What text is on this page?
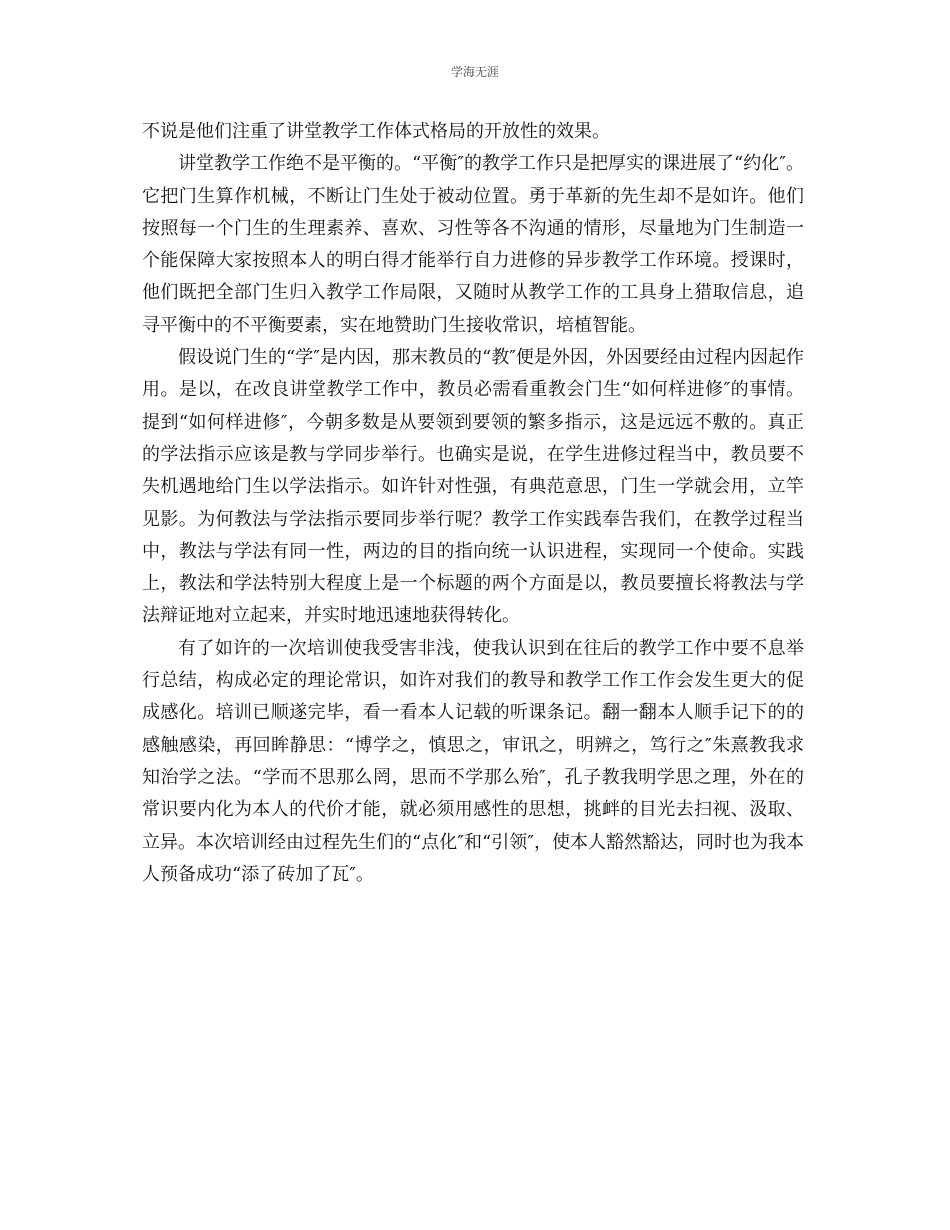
学海无涯

不说是他们注重了讲堂教学工作体式格局的开放性的效果。

讲堂教学工作绝不是平衡的。“平衡″的教学工作只是把厚实的课进展了“约化″。它把门生算作机械，不断让门生处于被动位置。勇于革新的先生却不是如许。他们按照每一个门生的生理素养、喜欢、习性等各不沟通的情形，尽量地为门生制造一个能保障大家按照本人的明白得才能举行自力进修的异步教学工作环境。授课时，他们既把全部门生归入教学工作局限，又随时从教学工作的工具身上猎取信息，追寻平衡中的不平衡要素，实在地赞助门生接收常识，培植智能。

假设说门生的“学″是内因，那末教员的“教″便是外因，外因要经由过程内因起作用。是以，在改良讲堂教学工作中，教员必需看重教会门生“如何样进修″的事情。提到“如何样进修″，今朝多数是从要领到要领的繁多指示，这是远远不敷的。真正的学法指示应该是教与学同步举行。也确实是说，在学生进修过程当中，教员要不失机遇地给门生以学法指示。如许针对性强，有典范意思，门生一学就会用，立竿见影。为何教法与学法指示要同步举行呢？教学工作实践奉告我们，在教学过程当中，教法与学法有同一性，两边的目的指向统一认识进程，实现同一个使命。实践上，教法和学法特别大程度上是一个标题的两个方面是以，教员要擅长将教法与学法辩证地对立起来，并实时地迅速地获得转化。

有了如许的一次培训使我受害非浅，使我认识到在往后的教学工作中要不息举行总结，构成必定的理论常识，如许对我们的教导和教学工作工作会发生更大的促成感化。培训已顺遂完毕，看一看本人记载的听课条记。翻一翻本人顺手记下的的感触感染，再回眸静思：“博学之，慎思之，审讯之，明辨之，笃行之″朱熹教我求知治学之法。“学而不思那么罔，思而不学那么殆″，孔子教我明学思之理，外在的常识要内化为本人的代价才能，就必须用感性的思想，挑衅的目光去扫视、汲取、立异。本次培训经由过程先生们的“点化″和“引领″，使本人豁然豁达，同时也为我本人预备成功“添了砖加了瓦″。
